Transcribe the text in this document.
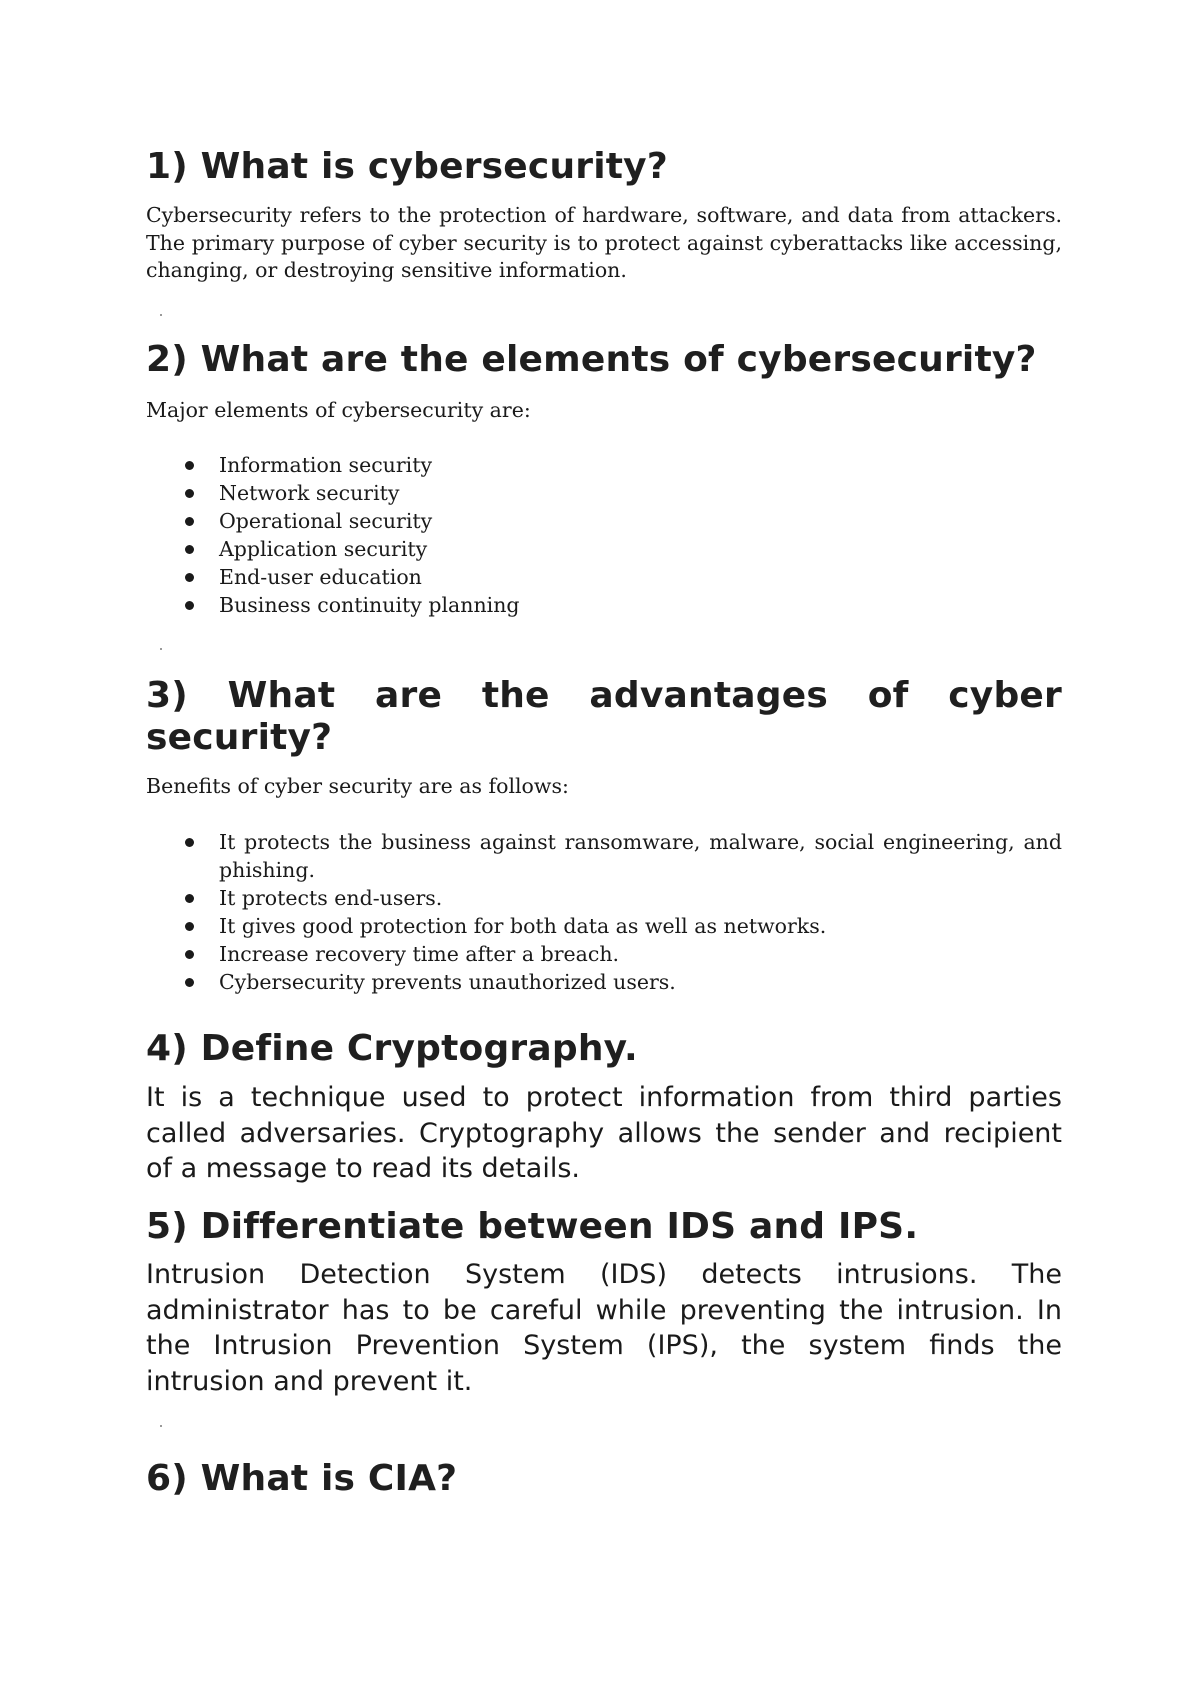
1) What is cybersecurity?

Cybersecurity refers to the protection of hardware, software, and data from attackers. The primary purpose of cyber security is to protect against cyberattacks like accessing, changing, or destroying sensitive information.

2) What are the elements of cybersecurity?

Major elements of cybersecurity are:

Information security
Network security
Operational security
Application security
End-user education
Business continuity planning
3) What are the advantages of cyber security?

Benefits of cyber security are as follows:

It protects the business against ransomware, malware, social engineering, and phishing.
It protects end-users.
It gives good protection for both data as well as networks.
Increase recovery time after a breach.
Cybersecurity prevents unauthorized users.
4) Define Cryptography.

It is a technique used to protect information from third parties called adversaries. Cryptography allows the sender and recipient of a message to read its details.

5) Differentiate between IDS and IPS.

Intrusion Detection System (IDS) detects intrusions. The administrator has to be careful while preventing the intrusion. In the Intrusion Prevention System (IPS), the system finds the intrusion and prevent it.

6) What is CIA?
